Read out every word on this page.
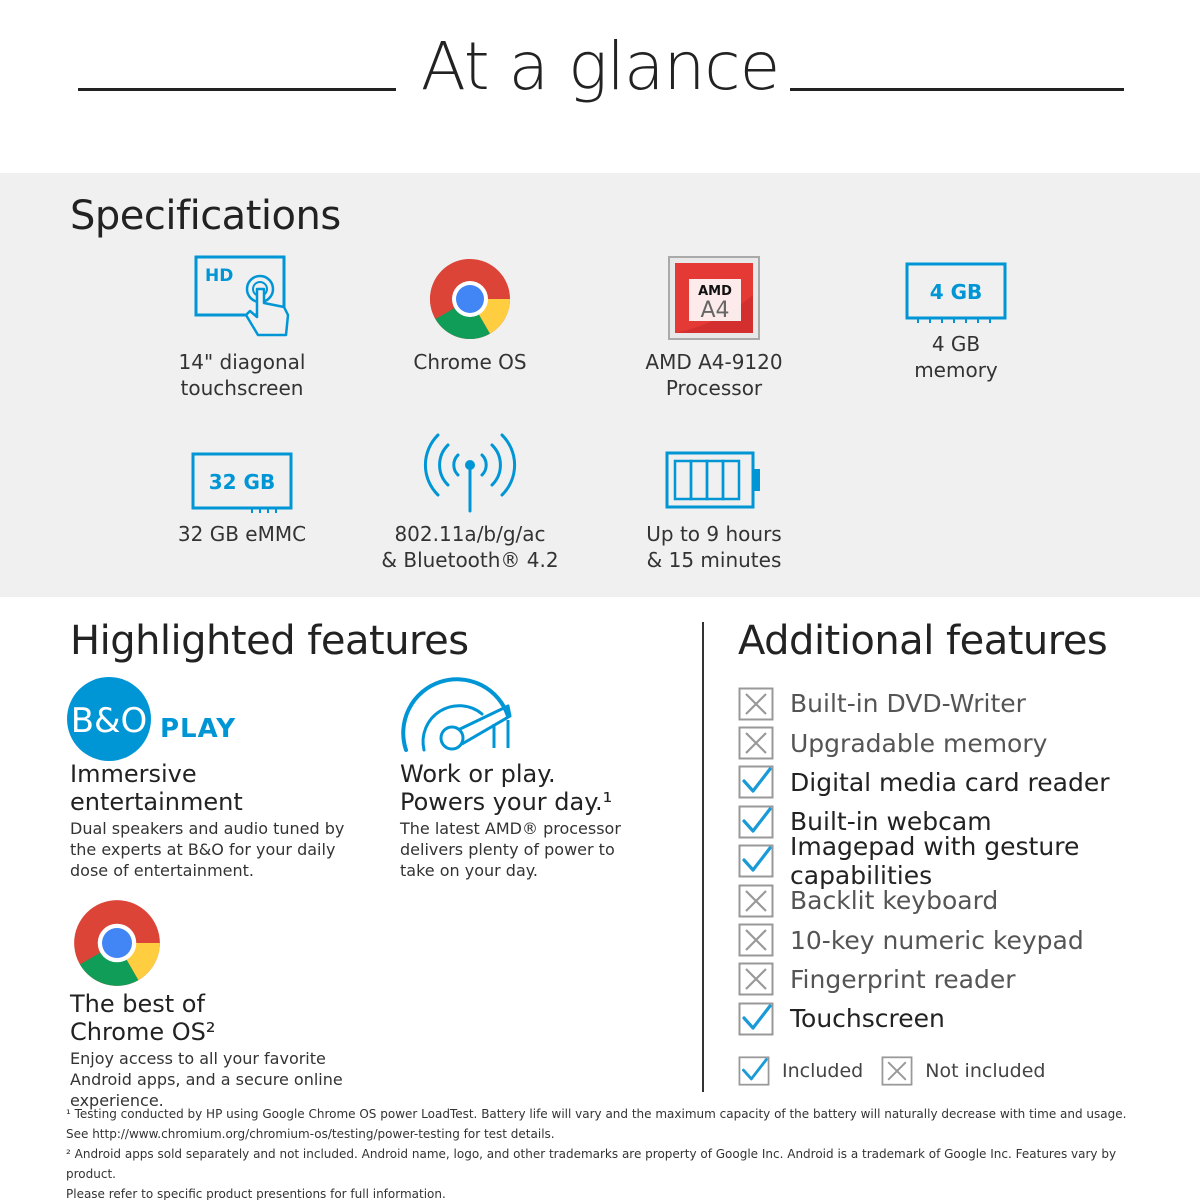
At a glance
Specifications
HD
14" diagonal
touchscreen
Chrome OS
AMD
A4
AMD A4-9120
Processor
4 GB
4 GB
memory
32 GB
32 GB eMMC	802.11a/b/g/ac
& Bluetooth® 4.2
Up to 9 hours
& 15 minutes
Highlighted features
B&O PLAY
Immersive
entertainment
Dual speakers and audio tuned by the experts at B&O for your daily dose of entertainment.
Work or play.
Powers your day.¹
The latest AMD® processor delivers plenty of power to take on your day.
The best of
Chrome OS²
Enjoy access to all your favorite Android apps, and a secure online experience.
Additional features
Built-in DVD-Writer
Upgradable memory
Digital media card reader
Built-in webcam
Imagepad with gesture capabilities
Backlit keyboard
10-key numeric keypad
Fingerprint reader
Touchscreen
Included	Not included
¹ Testing conducted by HP using Google Chrome OS power LoadTest. Battery life will vary and the maximum capacity of the battery will naturally decrease with time and usage.
See http://www.chromium.org/chromium-os/testing/power-testing for test details.
² Android apps sold separately and not included. Android name, logo, and other trademarks are property of Google Inc. Android is a trademark of Google Inc. Features vary by product.
Please refer to specific product presentions for full information.
